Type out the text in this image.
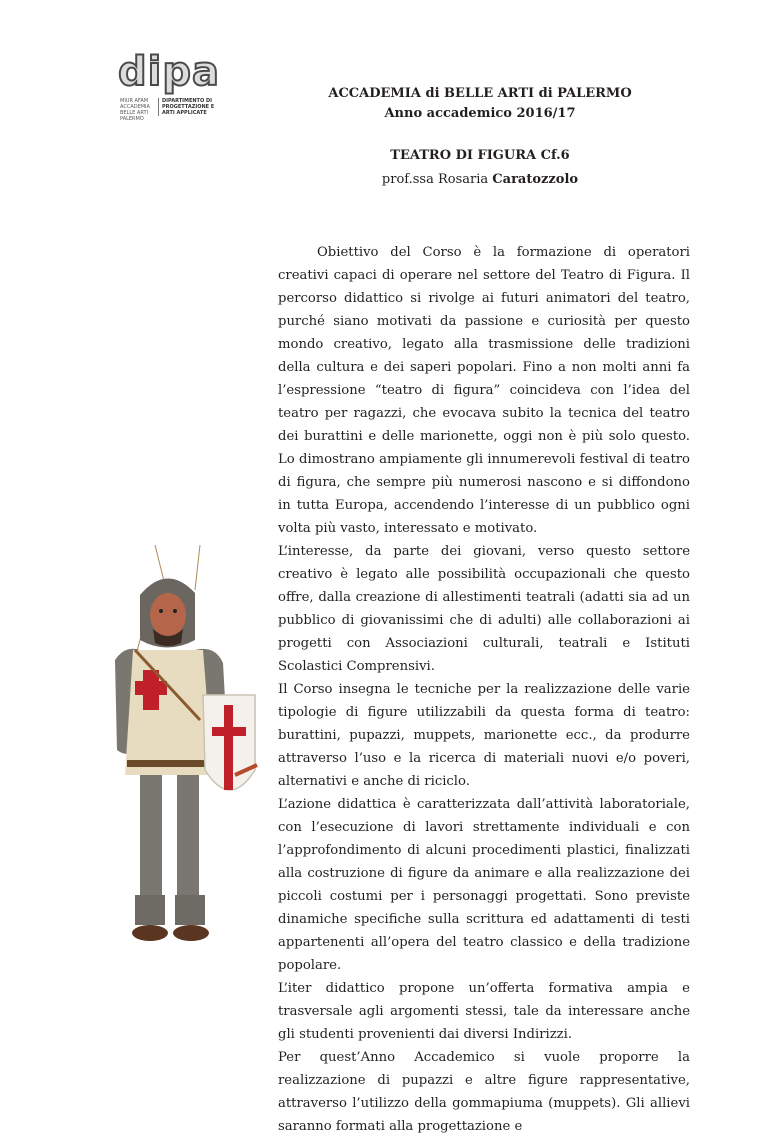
dipa
MIUR AFAM ACCADEMIA BELLE ARTI PALERMO
DIPARTIMENTO DI PROGETTAZIONE E ARTI APPLICATE
ACCADEMIA di BELLE ARTI di PALERMO
Anno accademico 2016/17
TEATRO DI FIGURA Cf.6
prof.ssa Rosaria Caratozzolo

Obiettivo del Corso è la formazione di operatori creativi capaci di operare nel settore del Teatro di Figura. Il percorso didattico si rivolge ai futuri animatori del teatro, purché siano motivati da passione e curiosità per questo mondo creativo, legato alla trasmissione delle tradizioni della cultura e dei saperi popolari. Fino a non molti anni fa l’espressione “teatro di figura” coincideva con l’idea del teatro per ragazzi, che evocava subito la tecnica del teatro dei burattini e delle marionette, oggi non è più solo questo. Lo dimostrano ampiamente gli innumerevoli festival di teatro di figura, che sempre più numerosi nascono e si diffondono in tutta Europa, accendendo l’interesse di un pubblico ogni volta più vasto, interessato e motivato.

L’interesse, da parte dei giovani, verso questo settore creativo è legato alle possibilità occupazionali che questo offre, dalla creazione di allestimenti teatrali (adatti sia ad un pubblico di giovanissimi che di adulti) alle collaborazioni ai progetti con Associazioni culturali, teatrali e Istituti Scolastici Comprensivi.

Il Corso insegna le tecniche per la realizzazione delle varie tipologie di figure utilizzabili da questa forma di teatro: burattini, pupazzi, muppets, marionette ecc., da produrre attraverso l’uso e la ricerca di materiali nuovi e/o poveri, alternativi e anche di riciclo.

L’azione didattica è caratterizzata dall’attività laboratoriale, con l’esecuzione di lavori strettamente individuali e con l’approfondimento di alcuni procedimenti plastici, finalizzati alla costruzione di figure da animare e alla realizzazione dei piccoli costumi per i personaggi progettati. Sono previste dinamiche specifiche sulla scrittura ed adattamenti di testi appartenenti all’opera del teatro classico e della tradizione popolare.

L’iter didattico propone un’offerta formativa ampia e trasversale agli argomenti stessi, tale da interessare anche gli studenti provenienti dai diversi Indirizzi.

Per quest’Anno Accademico si vuole proporre la realizzazione di pupazzi e altre figure rappresentative, attraverso l’utilizzo della gommapiuma (muppets). Gli allievi saranno formati alla progettazione e
